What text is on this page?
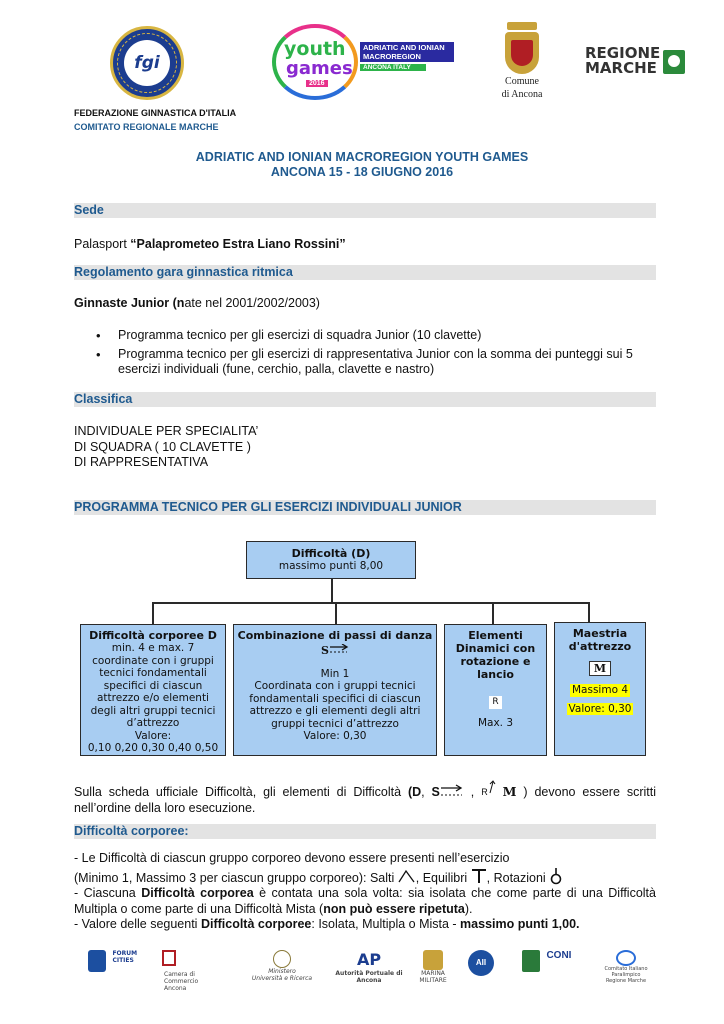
fgi
youth
games
2016
ADRIATIC AND IONIAN MACROREGION
ANCONA ITALY
Comune
di Ancona
REGIONE
MARCHE
FEDERAZIONE GINNASTICA D'ITALIA
COMITATO REGIONALE MARCHE
ADRIATIC AND IONIAN MACROREGION YOUTH GAMES
ANCONA 15 - 18 GIUGNO 2016
Sede
Palasport “Palaprometeo Estra Liano Rossini”
Regolamento gara ginnastica ritmica
Ginnaste Junior (nate nel 2001/2002/2003)
• Programma tecnico per gli esercizi di squadra Junior (10 clavette)
• Programma tecnico per gli esercizi di rappresentativa Junior con la somma dei punteggi sui 5 esercizi individuali (fune, cerchio, palla, clavette e nastro)
Classifica
INDIVIDUALE PER SPECIALITA’
DI SQUADRA ( 10 CLAVETTE )
DI RAPPRESENTATIVA
PROGRAMMA TECNICO PER GLI ESERCIZI INDIVIDUALI JUNIOR
Difficoltà (D)
massimo punti 8,00
Difficoltà corporee D
min. 4 e max. 7 coordinate con i gruppi tecnici fondamentali specifici di ciascun attrezzo e/o elementi degli altri gruppi tecnici d’attrezzo
Valore:
0,10 0,20 0,30 0,40 0,50
Combinazione di passi di danza
S
Min 1
Coordinata con i gruppi tecnici fondamentali specifici di ciascun attrezzo e gli elementi degli altri gruppi tecnici d’attrezzo
Valore: 0,30
Elementi Dinamici con rotazione e lancio
R
Max. 3
Maestria d'attrezzo
M
Massimo 4
Valore: 0,30
Sulla scheda ufficiale Difficoltà, gli elementi di Difficoltà (D, S , R M ) devono essere scritti nell’ordine della loro esecuzione.
Difficoltà corporee:
- Le Difficoltà di ciascun gruppo corporeo devono essere presenti nell’esercizio
(Minimo 1, Massimo 3 per ciascun gruppo corporeo): Salti , Equilibri , Rotazioni
- Ciascuna Difficoltà corporea è contata una sola volta: sia isolata che come parte di una Difficoltà Multipla o come parte di una Difficoltà Mista (non può essere ripetuta).
- Valore delle seguenti Difficoltà corporee: Isolata, Multipla o Mista - massimo punti 1,00.

FORUM
CITIES

Camera di Commercio
Ancona
Ministero
Università e Ricerca
AP
Autorità Portuale di Ancona
MARINA
MILITARE
AII
CONI
Comitato Italiano Paralimpico
Regione Marche
